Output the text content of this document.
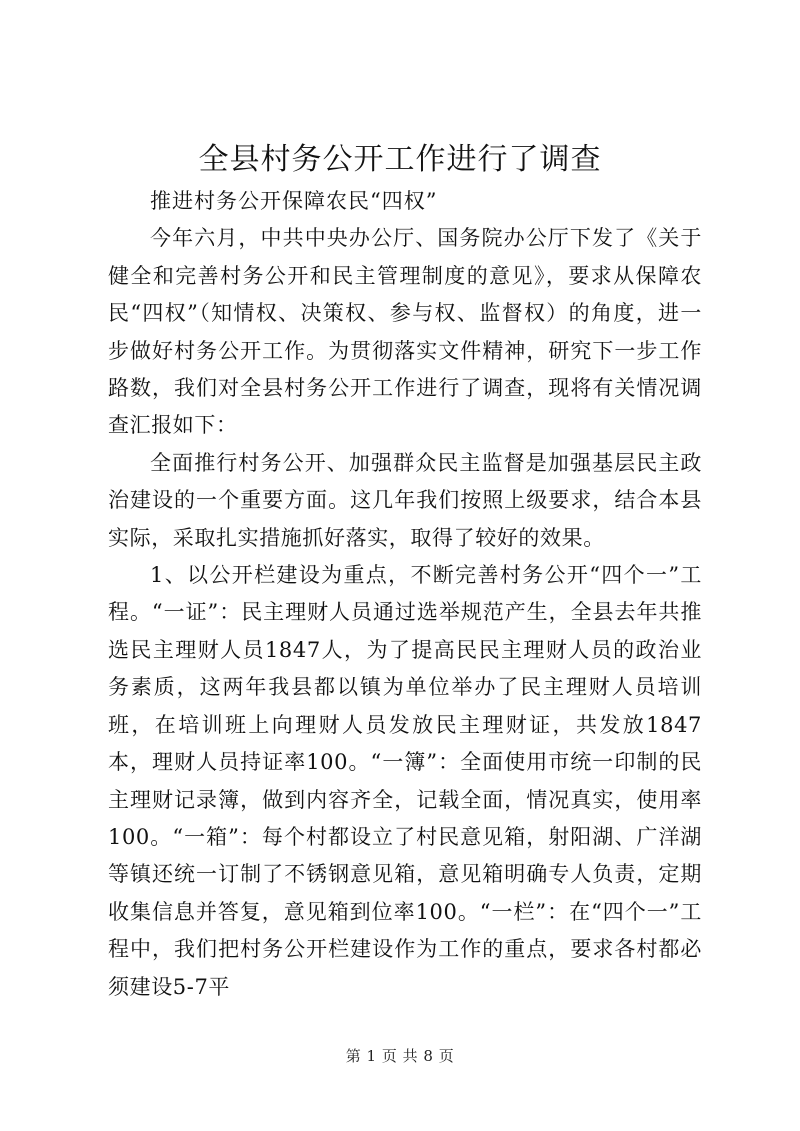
全县村务公开工作进行了调查

推进村务公开保障农民“四权”

今年六月，中共中央办公厅、国务院办公厅下发了《关于健全和完善村务公开和民主管理制度的意见》，要求从保障农民“四权”（知情权、决策权、参与权、监督权）的角度，进一步做好村务公开工作。为贯彻落实文件精神，研究下一步工作路数，我们对全县村务公开工作进行了调查，现将有关情况调查汇报如下：

全面推行村务公开、加强群众民主监督是加强基层民主政治建设的一个重要方面。这几年我们按照上级要求，结合本县实际，采取扎实措施抓好落实，取得了较好的效果。

1、以公开栏建设为重点，不断完善村务公开“四个一”工程。“一证”：民主理财人员通过选举规范产生，全县去年共推选民主理财人员1847人，为了提高民民主理财人员的政治业务素质，这两年我县都以镇为单位举办了民主理财人员培训班，在培训班上向理财人员发放民主理财证，共发放1847本，理财人员持证率100。“一簿”：全面使用市统一印制的民主理财记录簿，做到内容齐全，记载全面，情况真实，使用率100。“一箱”：每个村都设立了村民意见箱，射阳湖、广洋湖等镇还统一订制了不锈钢意见箱，意见箱明确专人负责，定期收集信息并答复，意见箱到位率100。“一栏”：在“四个一”工程中，我们把村务公开栏建设作为工作的重点，要求各村都必须建设5-7平

第 1 页 共 8 页
